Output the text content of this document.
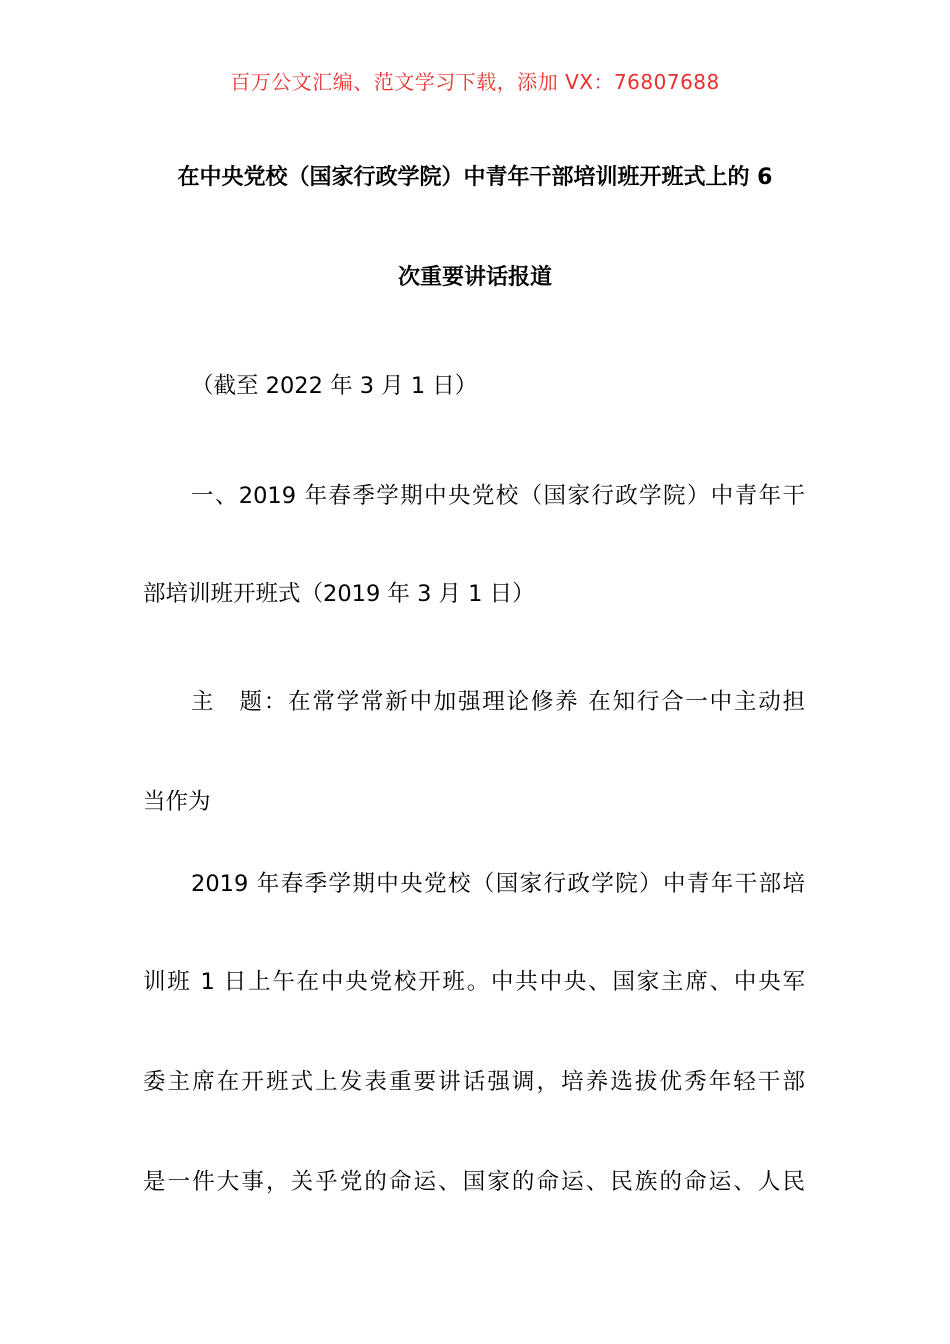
百万公文汇编、范文学习下载，添加 VX：76807688
在中央党校（国家行政学院）中青年干部培训班开班式上的 6
次重要讲话报道
（截至 2022 年 3 月 1 日）
一、2019 年春季学期中央党校（国家行政学院）中青年干
部培训班开班式（2019 年 3 月 1 日）
主　题：在常学常新中加强理论修养 在知行合一中主动担
当作为
2019 年春季学期中央党校（国家行政学院）中青年干部培
训班 1 日上午在中央党校开班。中共中央、国家主席、中央军
委主席在开班式上发表重要讲话强调，培养选拔优秀年轻干部
是一件大事，关乎党的命运、国家的命运、民族的命运、人民
